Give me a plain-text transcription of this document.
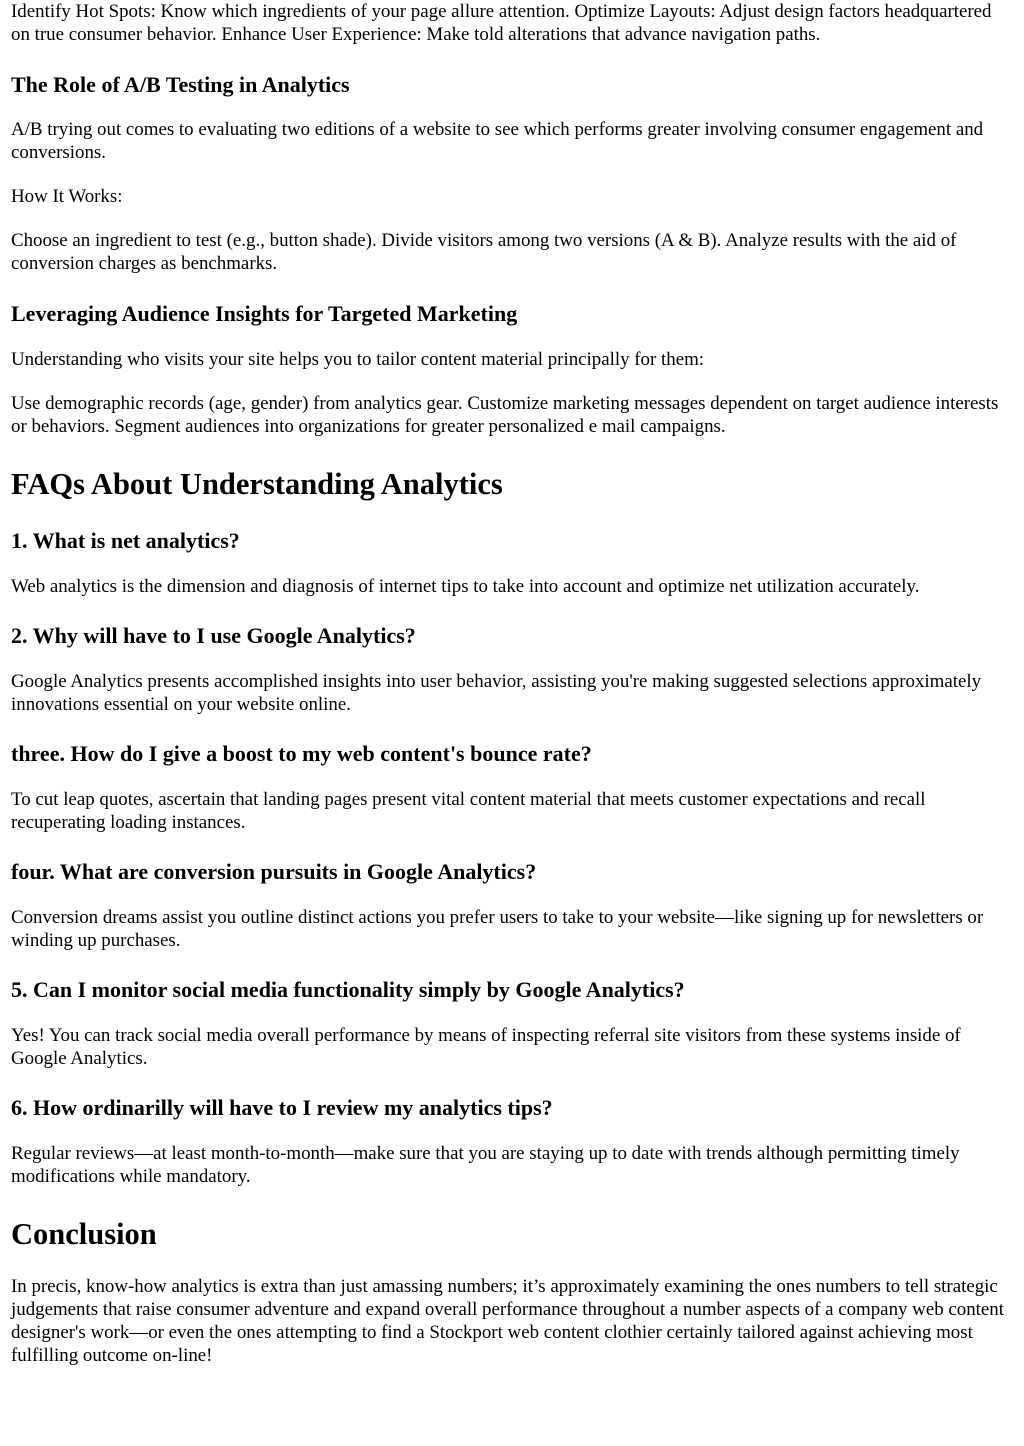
Identify Hot Spots: Know which ingredients of your page allure attention. Optimize Layouts: Adjust design factors headquartered on true consumer behavior. Enhance User Experience: Make told alterations that advance navigation paths.

The Role of A/B Testing in Analytics

A/B trying out comes to evaluating two editions of a website to see which performs greater involving consumer engagement and conversions.

How It Works:

Choose an ingredient to test (e.g., button shade). Divide visitors among two versions (A & B). Analyze results with the aid of conversion charges as benchmarks.

Leveraging Audience Insights for Targeted Marketing

Understanding who visits your site helps you to tailor content material principally for them:

Use demographic records (age, gender) from analytics gear. Customize marketing messages dependent on target audience interests or behaviors. Segment audiences into organizations for greater personalized e mail campaigns.

FAQs About Understanding Analytics
1. What is net analytics?

Web analytics is the dimension and diagnosis of internet tips to take into account and optimize net utilization accurately.

2. Why will have to I use Google Analytics?

Google Analytics presents accomplished insights into user behavior, assisting you're making suggested selections approximately innovations essential on your website online.

three. How do I give a boost to my web content's bounce rate?

To cut leap quotes, ascertain that landing pages present vital content material that meets customer expectations and recall recuperating loading instances.

four. What are conversion pursuits in Google Analytics?

Conversion dreams assist you outline distinct actions you prefer users to take to your website—like signing up for newsletters or winding up purchases.

5. Can I monitor social media functionality simply by Google Analytics?

Yes! You can track social media overall performance by means of inspecting referral site visitors from these systems inside of Google Analytics.

6. How ordinarilly will have to I review my analytics tips?

Regular reviews—at least month-to-month—make sure that you are staying up to date with trends although permitting timely modifications while mandatory.

Conclusion

In precis, know-how analytics is extra than just amassing numbers; it’s approximately examining the ones numbers to tell strategic judgements that raise consumer adventure and expand overall performance throughout a number aspects of a company web content designer's work—or even the ones attempting to find a Stockport web content clothier certainly tailored against achieving most fulfilling outcome on-line!
